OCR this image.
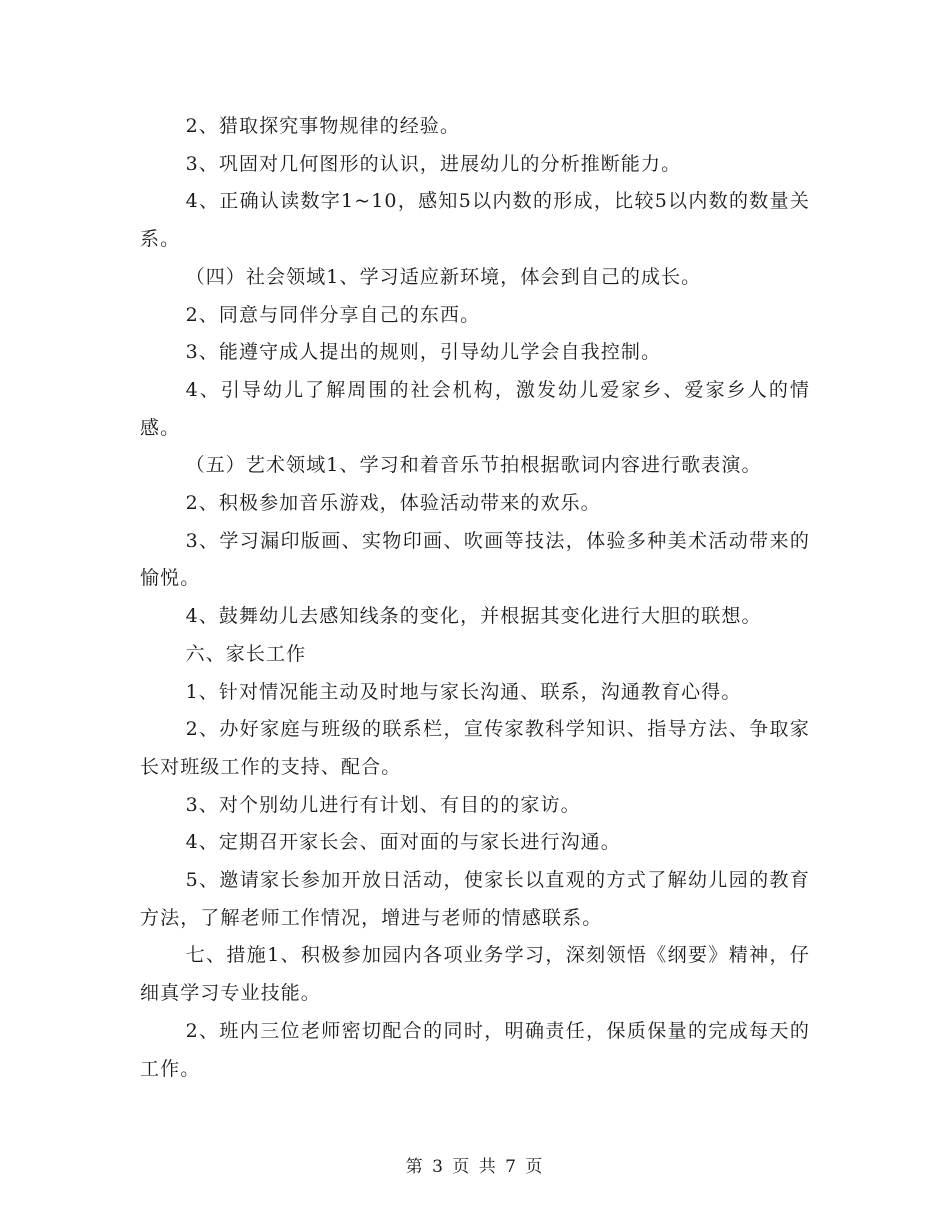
2、猎取探究事物规律的经验。

3、巩固对几何图形的认识，进展幼儿的分析推断能力。

4、正确认读数字1~10，感知5以内数的形成，比较5以内数的数量关系。

（四）社会领域1、学习适应新环境，体会到自己的成长。

2、同意与同伴分享自己的东西。

3、能遵守成人提出的规则，引导幼儿学会自我控制。

4、引导幼儿了解周围的社会机构，激发幼儿爱家乡、爱家乡人的情感。

（五）艺术领域1、学习和着音乐节拍根据歌词内容进行歌表演。

2、积极参加音乐游戏，体验活动带来的欢乐。

3、学习漏印版画、实物印画、吹画等技法，体验多种美术活动带来的愉悦。

4、鼓舞幼儿去感知线条的变化，并根据其变化进行大胆的联想。

六、家长工作

1、针对情况能主动及时地与家长沟通、联系，沟通教育心得。

2、办好家庭与班级的联系栏，宣传家教科学知识、指导方法、争取家长对班级工作的支持、配合。

3、对个别幼儿进行有计划、有目的的家访。

4、定期召开家长会、面对面的与家长进行沟通。

5、邀请家长参加开放日活动，使家长以直观的方式了解幼儿园的教育方法，了解老师工作情况，增进与老师的情感联系。

七、措施1、积极参加园内各项业务学习，深刻领悟《纲要》精神，仔细真学习专业技能。

2、班内三位老师密切配合的同时，明确责任，保质保量的完成每天的工作。

第 3 页 共 7 页
